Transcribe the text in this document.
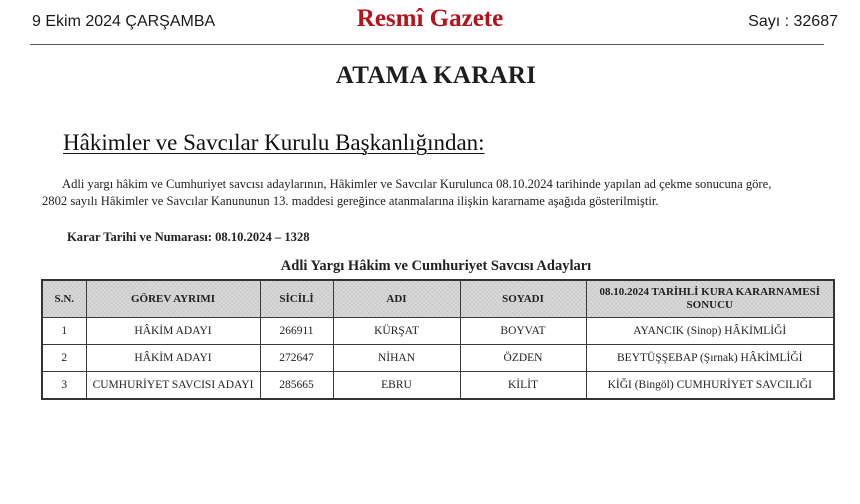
9 Ekim 2024 ÇARŞAMBA	Resmî Gazete	Sayı : 32687
ATAMA KARARI
Hâkimler ve Savcılar Kurulu Başkanlığından:
Adli yargı hâkim ve Cumhuriyet savcısı adaylarının, Hâkimler ve Savcılar Kurulunca 08.10.2024 tarihinde yapılan ad çekme sonucuna göre,
2802 sayılı Hâkimler ve Savcılar Kanununun 13. maddesi gereğince atanmalarına ilişkin kararname aşağıda gösterilmiştir.
Karar Tarihi ve Numarası: 08.10.2024 – 1328
Adli Yargı Hâkim ve Cumhuriyet Savcısı Adayları
S.N.	GÖREV AYRIMI	SİCİLİ	ADI	SOYADI	08.10.2024 TARİHLİ KURA KARARNAMESİ SONUCU
1	HÂKİM ADAYI	266911	KÜRŞAT	BOYVAT	AYANCIK (Sinop) HÂKİMLİĞİ
2	HÂKİM ADAYI	272647	NİHAN	ÖZDEN	BEYTÜŞŞEBAP (Şırnak) HÂKİMLİĞİ
3	CUMHURİYET SAVCISI ADAYI	285665	EBRU	KİLİT	KİĞI (Bingöl) CUMHURİYET SAVCILIĞI
